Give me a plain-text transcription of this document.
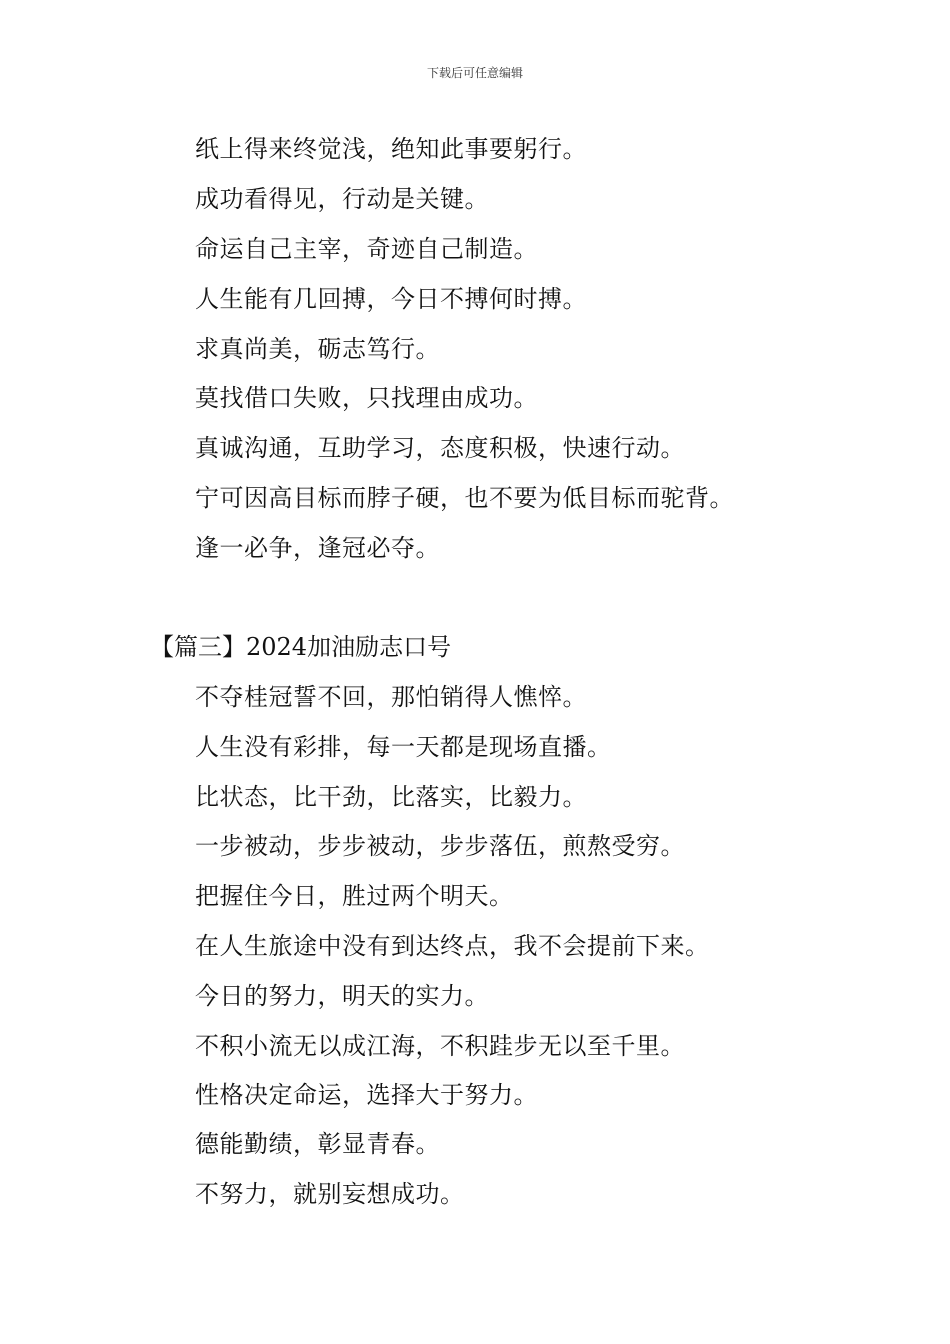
下载后可任意编辑
纸上得来终觉浅，绝知此事要躬行。
成功看得见，行动是关键。
命运自己主宰，奇迹自己制造。
人生能有几回搏，今日不搏何时搏。
求真尚美，砺志笃行。
莫找借口失败，只找理由成功。
真诚沟通，互助学习，态度积极，快速行动。
宁可因高目标而脖子硬，也不要为低目标而驼背。
逢一必争，逢冠必夺。
【篇三】2024加油励志口号
不夺桂冠誓不回，那怕销得人憔悴。
人生没有彩排，每一天都是现场直播。
比状态，比干劲，比落实，比毅力。
一步被动，步步被动，步步落伍，煎熬受穷。
把握住今日，胜过两个明天。
在人生旅途中没有到达终点，我不会提前下来。
今日的努力，明天的实力。
不积小流无以成江海，不积跬步无以至千里。
性格决定命运，选择大于努力。
德能勤绩，彰显青春。
不努力，就别妄想成功。
